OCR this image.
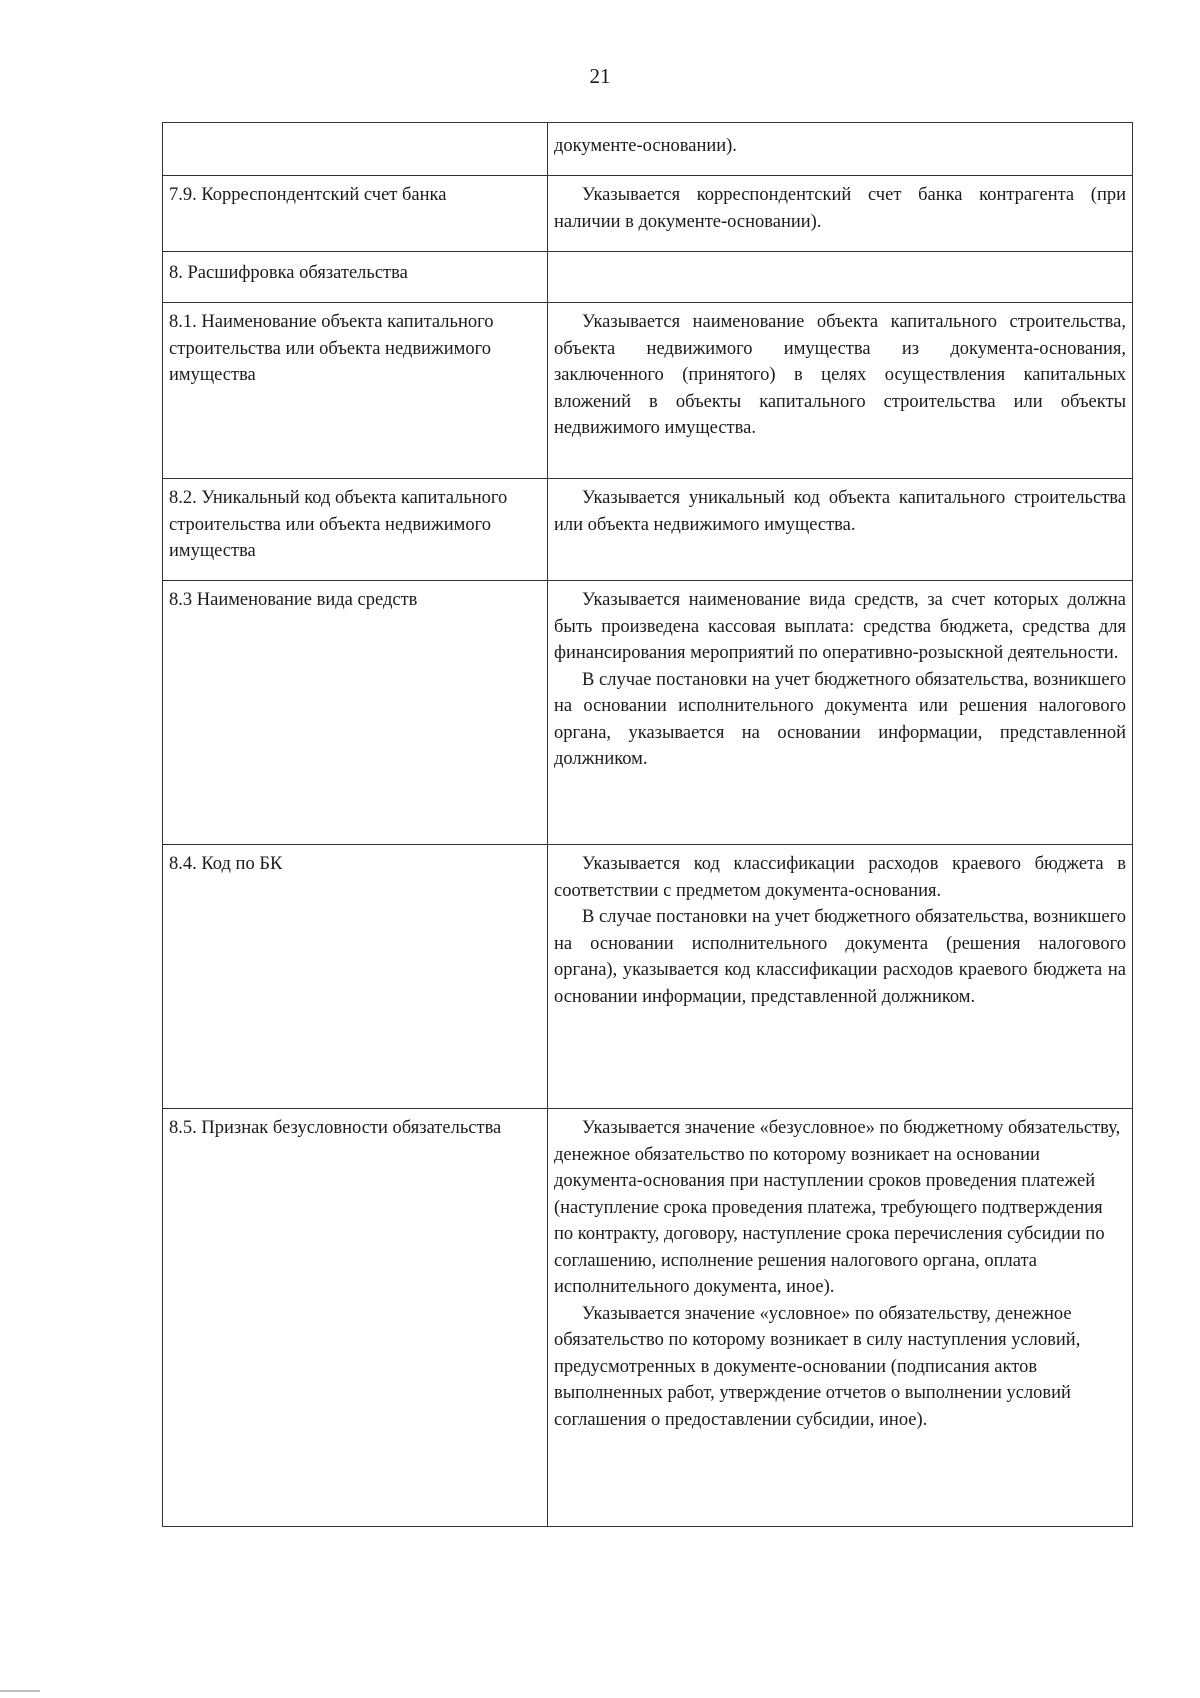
21

	документе-основании).

7.9. Корреспондентский счет банка	Указывается корреспондентский счет банка контрагента (при наличии в документе-основании).

8. Расшифровка обязательства	
8.1. Наименование объекта капитального строительства или объекта недвижимого имущества	Указывается наименование объекта капитального строительства, объекта недвижимого имущества из документа-основания, заключенного (принятого) в целях осуществления капитальных вложений в объекты капитального строительства или объекты недвижимого имущества.

8.2. Уникальный код объекта капитального строительства или объекта недвижимого имущества	Указывается уникальный код объекта капитального строительства или объекта недвижимого имущества.

8.3 Наименование вида средств	Указывается наименование вида средств, за счет которых должна быть произведена кассовая выплата: средства бюджета, средства для финансирования мероприятий по оперативно-розыскной деятельности.

В случае постановки на учет бюджетного обязательства, возникшего на основании исполнительного документа или решения налогового органа, указывается на основании информации, представленной должником.

8.4. Код по БК	Указывается код классификации расходов краевого бюджета в соответствии с предметом документа-основания.

В случае постановки на учет бюджетного обязательства, возникшего на основании исполнительного документа (решения налогового органа), указывается код классификации расходов краевого бюджета на основании информации, представленной должником.

8.5. Признак безусловности обязательства	Указывается значение «безусловное» по бюджетному обязательству, денежное обязательство по которому возникает на основании документа-основания при наступлении сроков проведения платежей (наступление срока проведения платежа, требующего подтверждения по контракту, договору, наступление срока перечисления субсидии по соглашению, исполнение решения налогового органа, оплата исполнительного документа, иное).

Указывается значение «условное» по обязательству, денежное обязательство по которому возникает в силу наступления условий, предусмотренных в документе-основании (подписания актов выполненных работ, утверждение отчетов о выполнении условий соглашения о предоставлении субсидии, иное).
